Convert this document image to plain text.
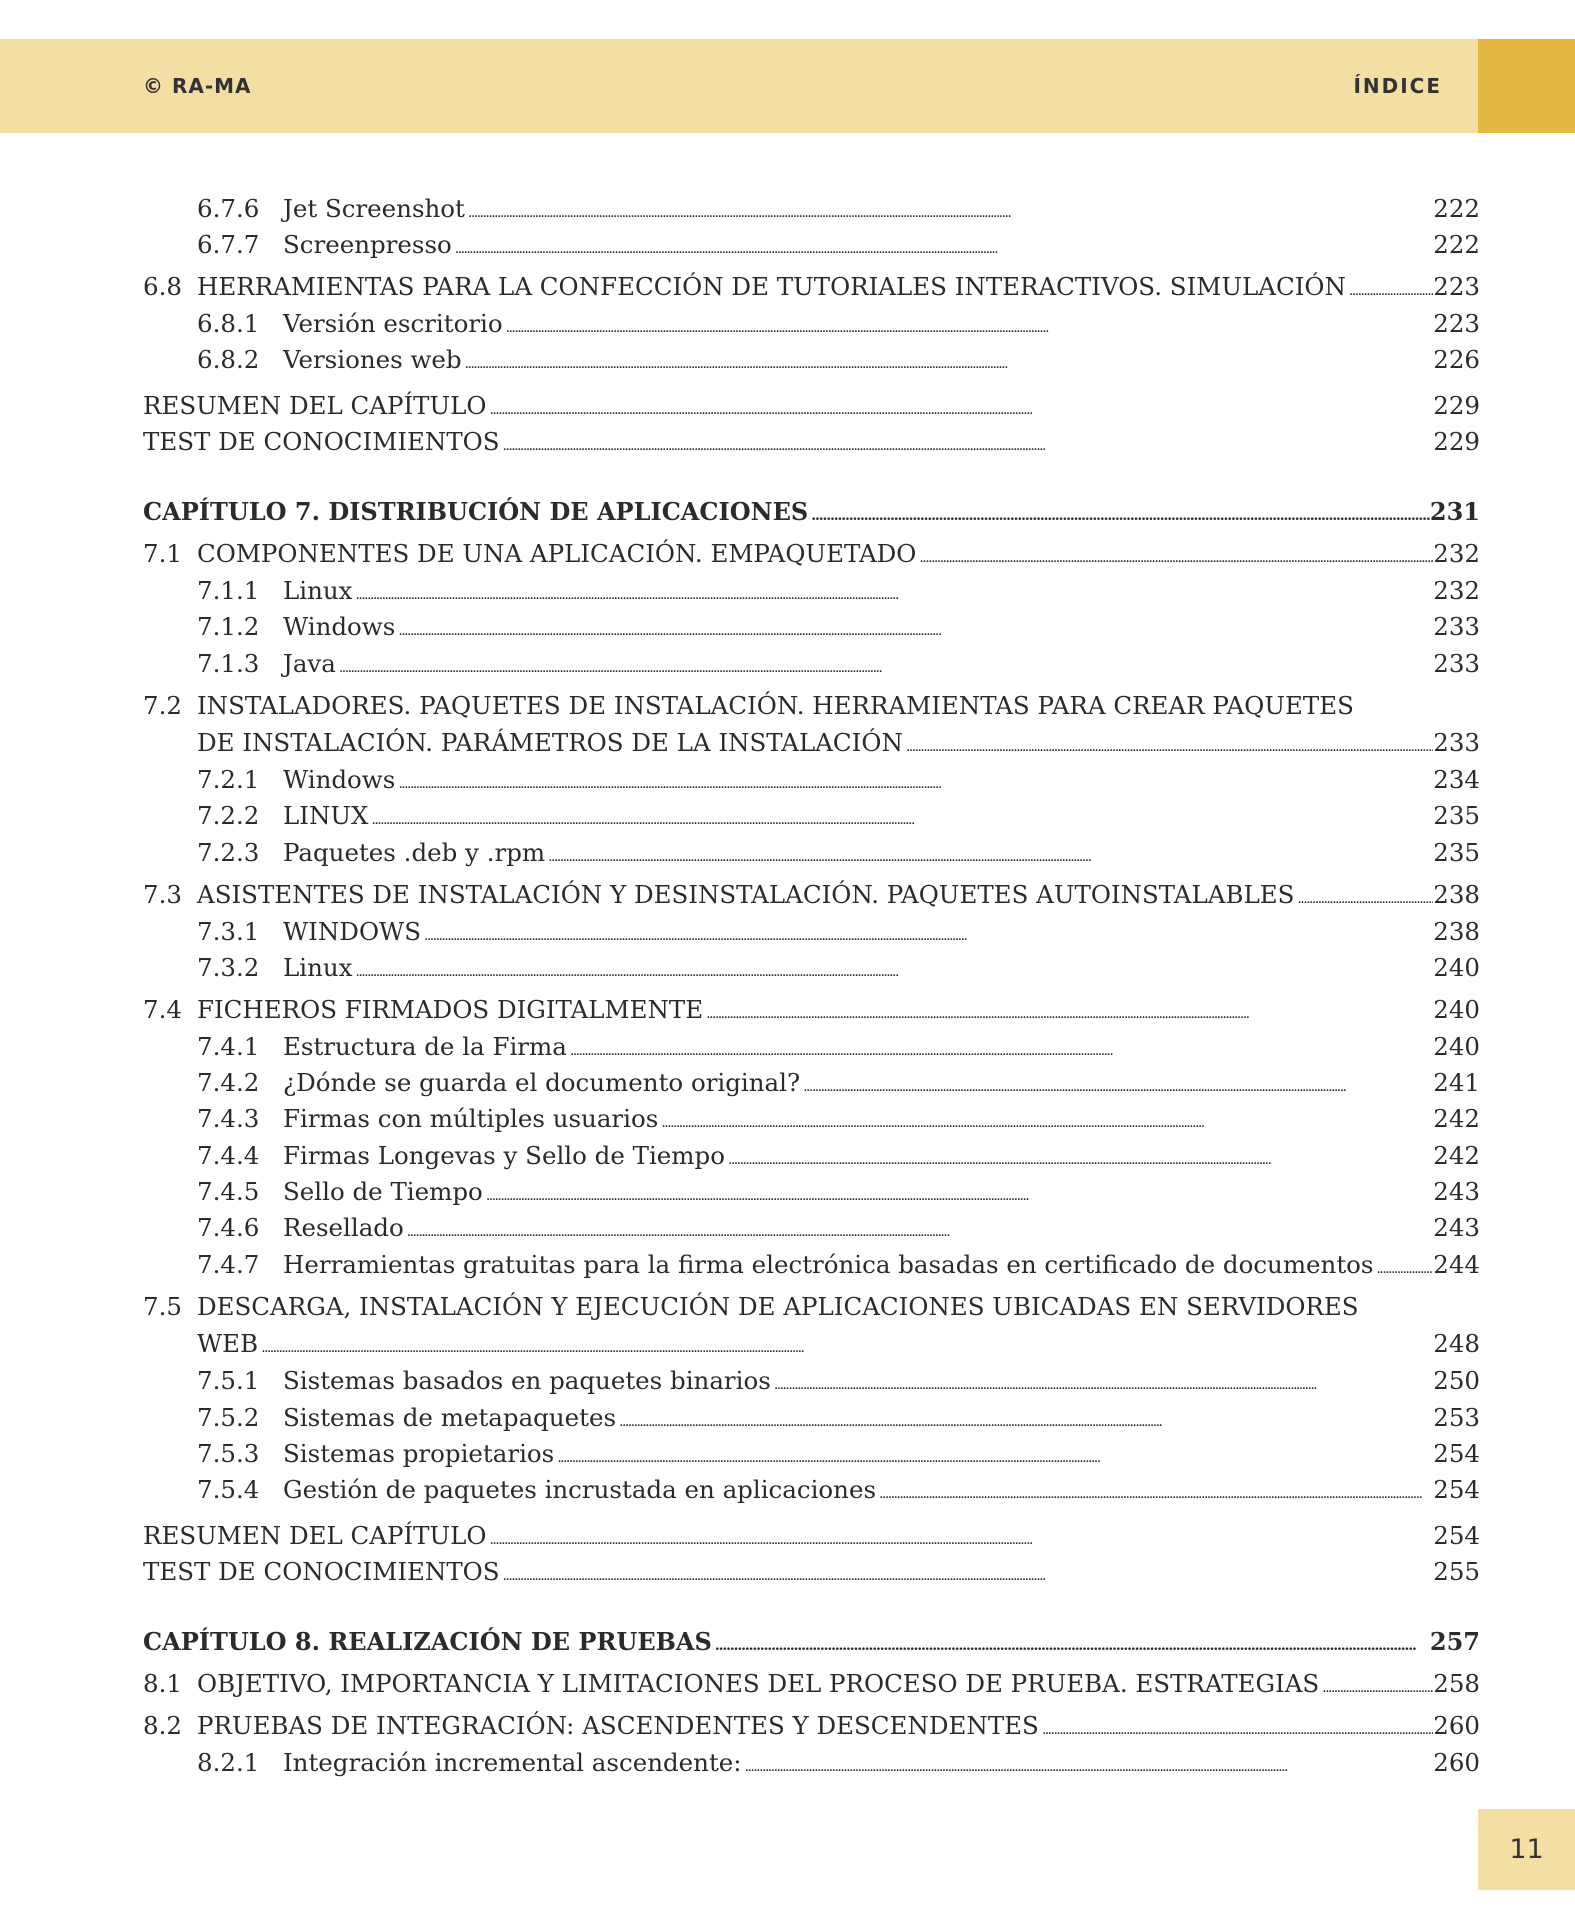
© RA-MA	ÍNDICE
6.7.6 Jet Screenshot . . .	222
6.7.7 Screenpresso . . .	222
6.8 HERRAMIENTAS PARA LA CONFECCIÓN DE TUTORIALES INTERACTIVOS. SIMULACIÓN . . .	223
6.8.1 Versión escritorio . . .	223
6.8.2 Versiones web . . .	226
RESUMEN DEL CAPÍTULO . . .	229
TEST DE CONOCIMIENTOS . . .	229
CAPÍTULO 7. DISTRIBUCIÓN DE APLICACIONES . . .	231
7.1 COMPONENTES DE UNA APLICACIÓN. EMPAQUETADO . . .	232
7.1.1 Linux . . .	232
7.1.2 Windows . . .	233
7.1.3 Java . . .	233
7.2 INSTALADORES. PAQUETES DE INSTALACIÓN. HERRAMIENTAS PARA CREAR PAQUETES
DE INSTALACIÓN. PARÁMETROS DE LA INSTALACIÓN . . .	233
7.2.1 Windows . . .	234
7.2.2 LINUX . . .	235
7.2.3 Paquetes .deb y .rpm . . .	235
7.3 ASISTENTES DE INSTALACIÓN Y DESINSTALACIÓN. PAQUETES AUTOINSTALABLES . . .	238
7.3.1 WINDOWS . . .	238
7.3.2 Linux . . .	240
7.4 FICHEROS FIRMADOS DIGITALMENTE . . .	240
7.4.1 Estructura de la Firma . . .	240
7.4.2 ¿Dónde se guarda el documento original? . . .	241
7.4.3 Firmas con múltiples usuarios . . .	242
7.4.4 Firmas Longevas y Sello de Tiempo . . .	242
7.4.5 Sello de Tiempo . . .	243
7.4.6 Resellado . . .	243
7.4.7 Herramientas gratuitas para la firma electrónica basadas en certificado de documentos . . . 244
7.5 DESCARGA, INSTALACIÓN Y EJECUCIÓN DE APLICACIONES UBICADAS EN SERVIDORES
WEB . . .	248
7.5.1 Sistemas basados en paquetes binarios . . .	250
7.5.2 Sistemas de metapaquetes . . .	253
7.5.3 Sistemas propietarios . . .	254
7.5.4 Gestión de paquetes incrustada en aplicaciones . . .	254
RESUMEN DEL CAPÍTULO . . .	254
TEST DE CONOCIMIENTOS . . .	255
CAPÍTULO 8. REALIZACIÓN DE PRUEBAS . . .	257
8.1 OBJETIVO, IMPORTANCIA Y LIMITACIONES DEL PROCESO DE PRUEBA. ESTRATEGIAS . . .	258
8.2 PRUEBAS DE INTEGRACIÓN: ASCENDENTES Y DESCENDENTES . . .	260
8.2.1 Integración incremental ascendente: . . .	260
11
